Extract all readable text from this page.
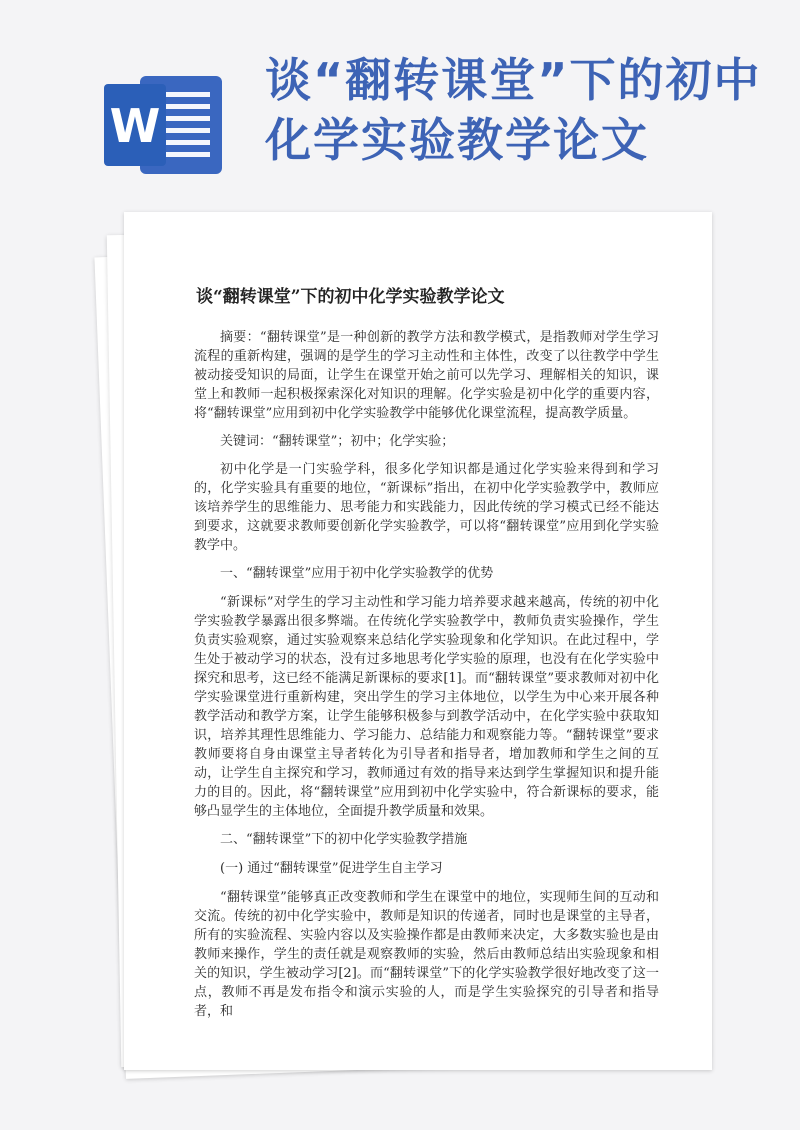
W
谈“翻转课堂”下的初中化学实验教学论文
谈“翻转课堂”下的初中化学实验教学论文

摘要：“翻转课堂”是一种创新的教学方法和教学模式，是指教师对学生学习流程的重新构建，强调的是学生的学习主动性和主体性，改变了以往教学中学生被动接受知识的局面，让学生在课堂开始之前可以先学习、理解相关的知识，课堂上和教师一起积极探索深化对知识的理解。化学实验是初中化学的重要内容，将“翻转课堂”应用到初中化学实验教学中能够优化课堂流程，提高教学质量。

关键词：“翻转课堂”；初中；化学实验；

初中化学是一门实验学科，很多化学知识都是通过化学实验来得到和学习的，化学实验具有重要的地位，“新课标”指出，在初中化学实验教学中，教师应该培养学生的思维能力、思考能力和实践能力，因此传统的学习模式已经不能达到要求，这就要求教师要创新化学实验教学，可以将“翻转课堂”应用到化学实验教学中。

一、“翻转课堂”应用于初中化学实验教学的优势

“新课标”对学生的学习主动性和学习能力培养要求越来越高，传统的初中化学实验教学暴露出很多弊端。在传统化学实验教学中，教师负责实验操作，学生负责实验观察，通过实验观察来总结化学实验现象和化学知识。在此过程中，学生处于被动学习的状态，没有过多地思考化学实验的原理，也没有在化学实验中探究和思考，这已经不能满足新课标的要求[1]。而“翻转课堂”要求教师对初中化学实验课堂进行重新构建，突出学生的学习主体地位，以学生为中心来开展各种教学活动和教学方案，让学生能够积极参与到教学活动中，在化学实验中获取知识，培养其理性思维能力、学习能力、总结能力和观察能力等。“翻转课堂”要求教师要将自身由课堂主导者转化为引导者和指导者，增加教师和学生之间的互动，让学生自主探究和学习，教师通过有效的指导来达到学生掌握知识和提升能力的目的。因此，将“翻转课堂”应用到初中化学实验中，符合新课标的要求，能够凸显学生的主体地位，全面提升教学质量和效果。

二、“翻转课堂”下的初中化学实验教学措施

(一) 通过“翻转课堂”促进学生自主学习

“翻转课堂”能够真正改变教师和学生在课堂中的地位，实现师生间的互动和交流。传统的初中化学实验中，教师是知识的传递者，同时也是课堂的主导者，所有的实验流程、实验内容以及实验操作都是由教师来决定，大多数实验也是由教师来操作，学生的责任就是观察教师的实验，然后由教师总结出实验现象和相关的知识，学生被动学习[2]。而“翻转课堂”下的化学实验教学很好地改变了这一点，教师不再是发布指令和演示实验的人，而是学生实验探究的引导者和指导者，和
